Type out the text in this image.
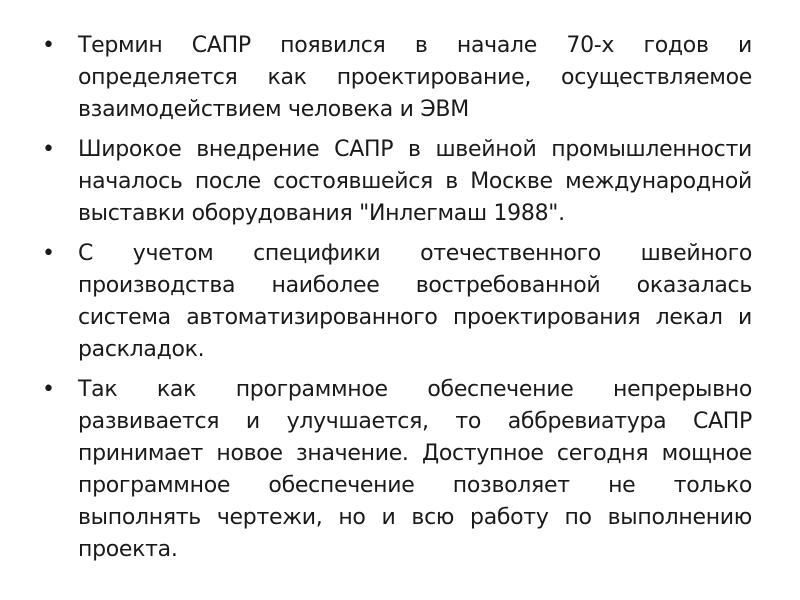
• Термин САПР появился в начале 70-х годов и определяется как проектирование, осуществляемое взаимодействием человека и ЭВМ
• Широкое внедрение САПР в швейной промышленности началось после состоявшейся в Москве международной выставки оборудования "Инлегмаш 1988".
• С учетом специфики отечественного швейного производства наиболее востребованной оказалась система автоматизированного проектирования лекал и раскладок.
• Так как программное обеспечение непрерывно развивается и улучшается, то аббревиатура САПР принимает новое значение. Доступное сегодня мощное программное обеспечение позволяет не только выполнять чертежи, но и всю работу по выполнению проекта.
